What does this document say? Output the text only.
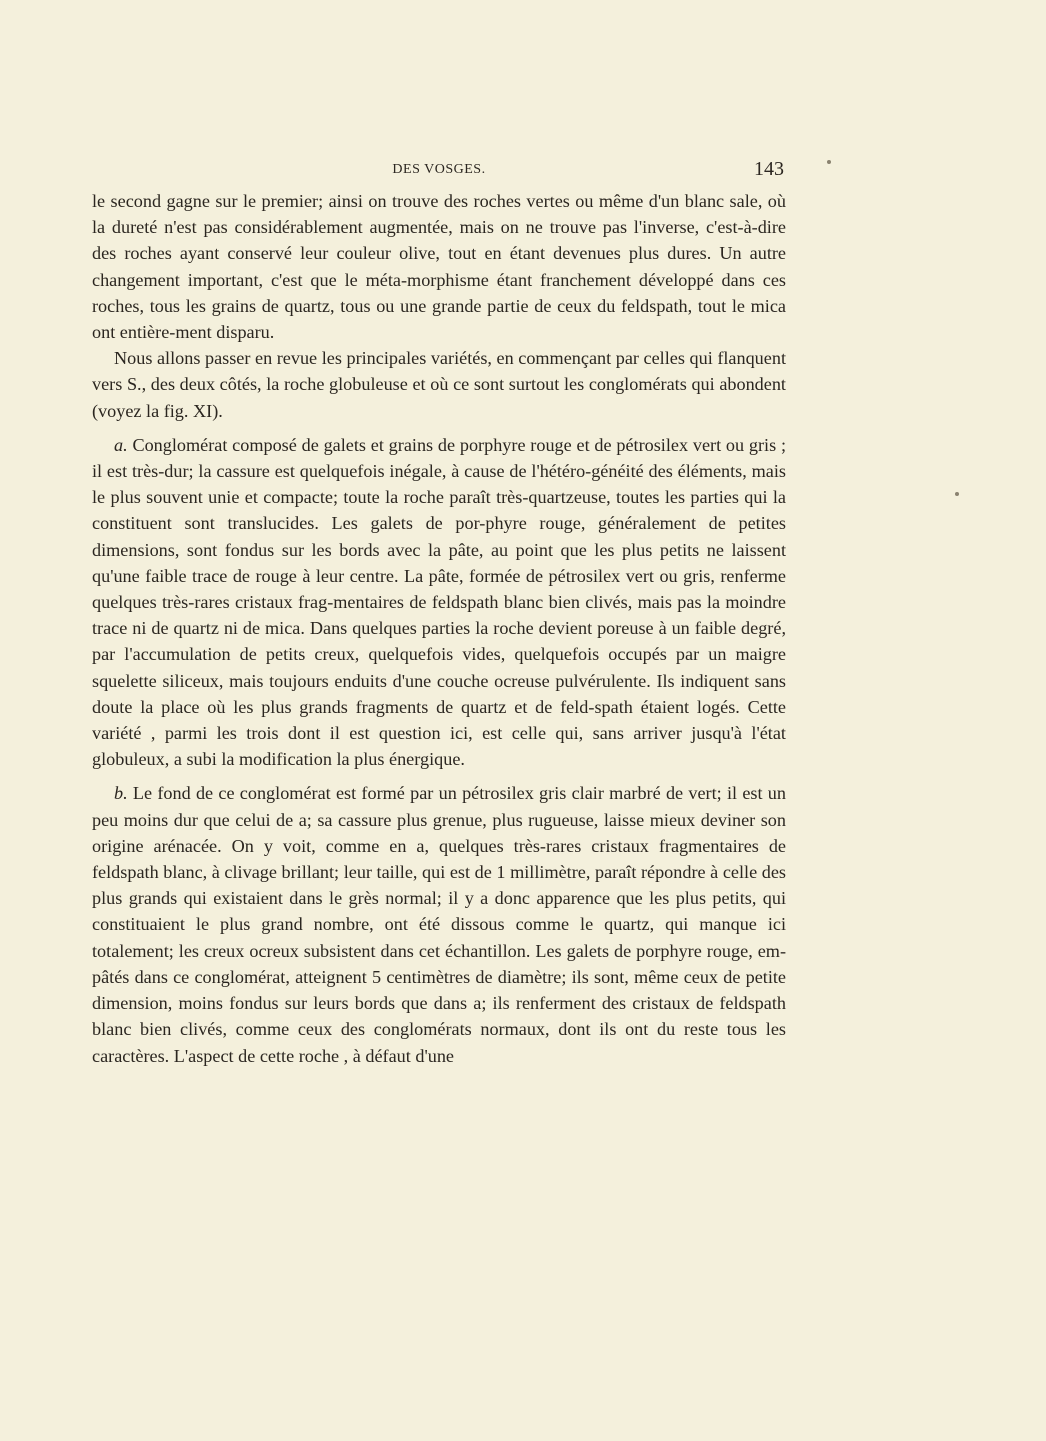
DES VOSGES.	143

le second gagne sur le premier; ainsi on trouve des roches vertes ou même d'un blanc sale, où la dureté n'est pas considérablement augmentée, mais on ne trouve pas l'inverse, c'est-à-dire des roches ayant conservé leur couleur olive, tout en étant devenues plus dures. Un autre changement important, c'est que le méta-morphisme étant franchement développé dans ces roches, tous les grains de quartz, tous ou une grande partie de ceux du feldspath, tout le mica ont entière-ment disparu.

Nous allons passer en revue les principales variétés, en commençant par celles qui flanquent vers S., des deux côtés, la roche globuleuse et où ce sont surtout les conglomérats qui abondent (voyez la fig. XI).

a. Conglomérat composé de galets et grains de porphyre rouge et de pétrosilex vert ou gris ; il est très-dur; la cassure est quelquefois inégale, à cause de l'hétéro-généité des éléments, mais le plus souvent unie et compacte; toute la roche paraît très-quartzeuse, toutes les parties qui la constituent sont translucides. Les galets de por-phyre rouge, généralement de petites dimensions, sont fondus sur les bords avec la pâte, au point que les plus petits ne laissent qu'une faible trace de rouge à leur centre. La pâte, formée de pétrosilex vert ou gris, renferme quelques très-rares cristaux frag-mentaires de feldspath blanc bien clivés, mais pas la moindre trace ni de quartz ni de mica. Dans quelques parties la roche devient poreuse à un faible degré, par l'accumulation de petits creux, quelquefois vides, quelquefois occupés par un maigre squelette siliceux, mais toujours enduits d'une couche ocreuse pulvérulente. Ils indiquent sans doute la place où les plus grands fragments de quartz et de feld-spath étaient logés. Cette variété , parmi les trois dont il est question ici, est celle qui, sans arriver jusqu'à l'état globuleux, a subi la modification la plus énergique.

b. Le fond de ce conglomérat est formé par un pétrosilex gris clair marbré de vert; il est un peu moins dur que celui de a; sa cassure plus grenue, plus rugueuse, laisse mieux deviner son origine arénacée. On y voit, comme en a, quelques très-rares cristaux fragmentaires de feldspath blanc, à clivage brillant; leur taille, qui est de 1 millimètre, paraît répondre à celle des plus grands qui existaient dans le grès normal; il y a donc apparence que les plus petits, qui constituaient le plus grand nombre, ont été dissous comme le quartz, qui manque ici totalement; les creux ocreux subsistent dans cet échantillon. Les galets de porphyre rouge, em-pâtés dans ce conglomérat, atteignent 5 centimètres de diamètre; ils sont, même ceux de petite dimension, moins fondus sur leurs bords que dans a; ils renferment des cristaux de feldspath blanc bien clivés, comme ceux des conglomérats normaux, dont ils ont du reste tous les caractères. L'aspect de cette roche , à défaut d'une
